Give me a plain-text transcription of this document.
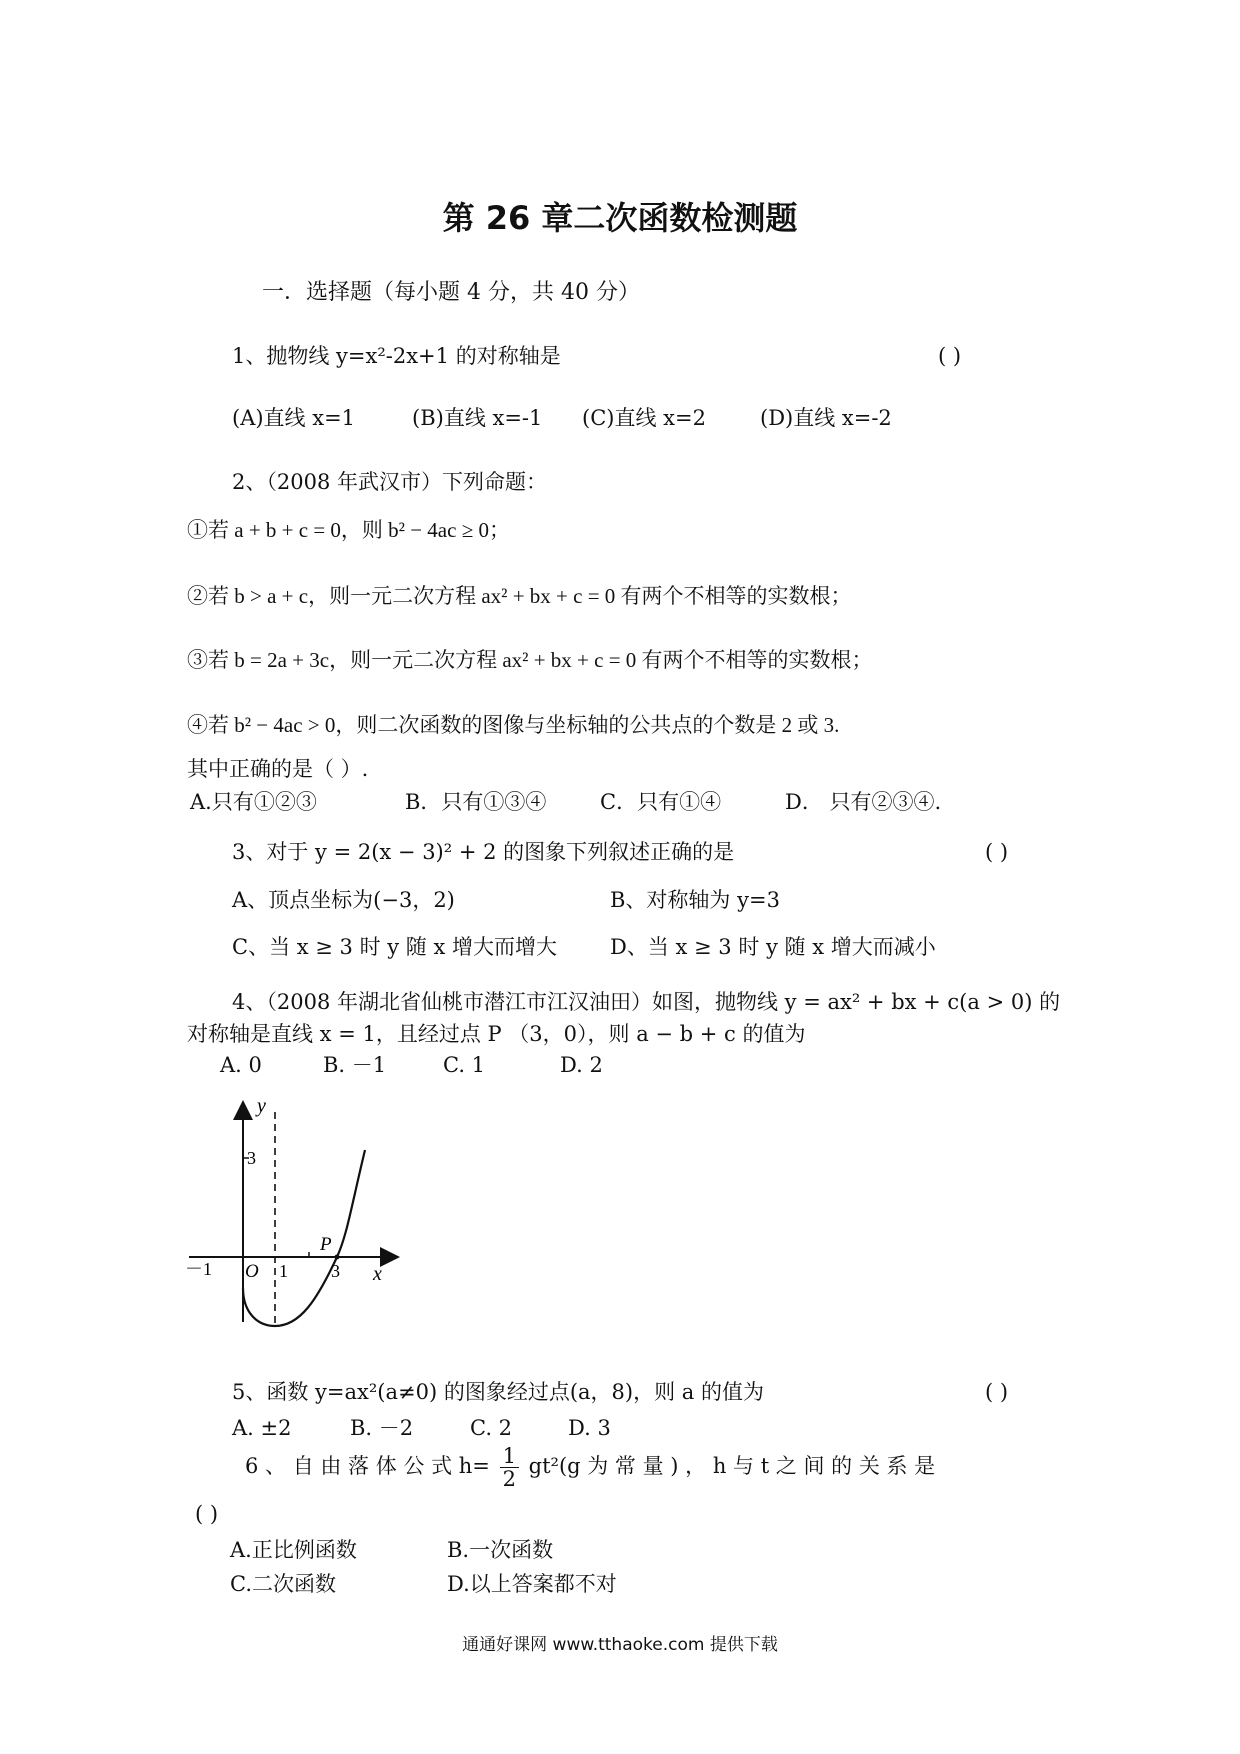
第 26 章二次函数检测题
一．选择题（每小题 4 分，共 40 分）
1、抛物线 y=x²-2x+1 的对称轴是	( )
(A)直线 x=1	(B)直线 x=-1 (C)直线 x=2	(D)直线 x=-2
2、（2008 年武汉市）下列命题：
①若 a + b + c = 0，则 b² − 4ac ≥ 0；
②若 b > a + c，则一元二次方程 ax² + bx + c = 0 有两个不相等的实数根；
③若 b = 2a + 3c，则一元二次方程 ax² + bx + c = 0 有两个不相等的实数根；
④若 b² − 4ac > 0，则二次函数的图像与坐标轴的公共点的个数是 2 或 3.
其中正确的是（ ）.
A.只有①②③	B．只有①③④	C．只有①④	D． 只有②③④.
3、对于 y = 2(x − 3)² + 2 的图象下列叙述正确的是	( )
A、顶点坐标为(−3，2)	B、对称轴为 y=3
C、当 x ≥ 3 时 y 随 x 增大而增大	D、当 x ≥ 3 时 y 随 x 增大而减小
4、（2008 年湖北省仙桃市潜江市江汉油田）如图，抛物线 y = ax² + bx + c(a > 0) 的
对称轴是直线 x = 1，且经过点 P （3，0），则 a − b + c 的值为
A. 0	B. －1	C. 1	D. 2
y
x
3
－1 O 1 3
P
5、函数 y=ax²(a≠0) 的图象经过点(a，8)，则 a 的值为	( )
A. ±2	B. －2	C. 2	D. 3
6 、 自 由 落 体 公 式 $h= \frac{1}{2} gt^2(g$ 为 常 量 ) ， h 与 t 之 间 的 关 系 是
( )
A.正比例函数	B.一次函数
C.二次函数	D.以上答案都不对
通通好课网 www.tthaoke.com 提供下载
